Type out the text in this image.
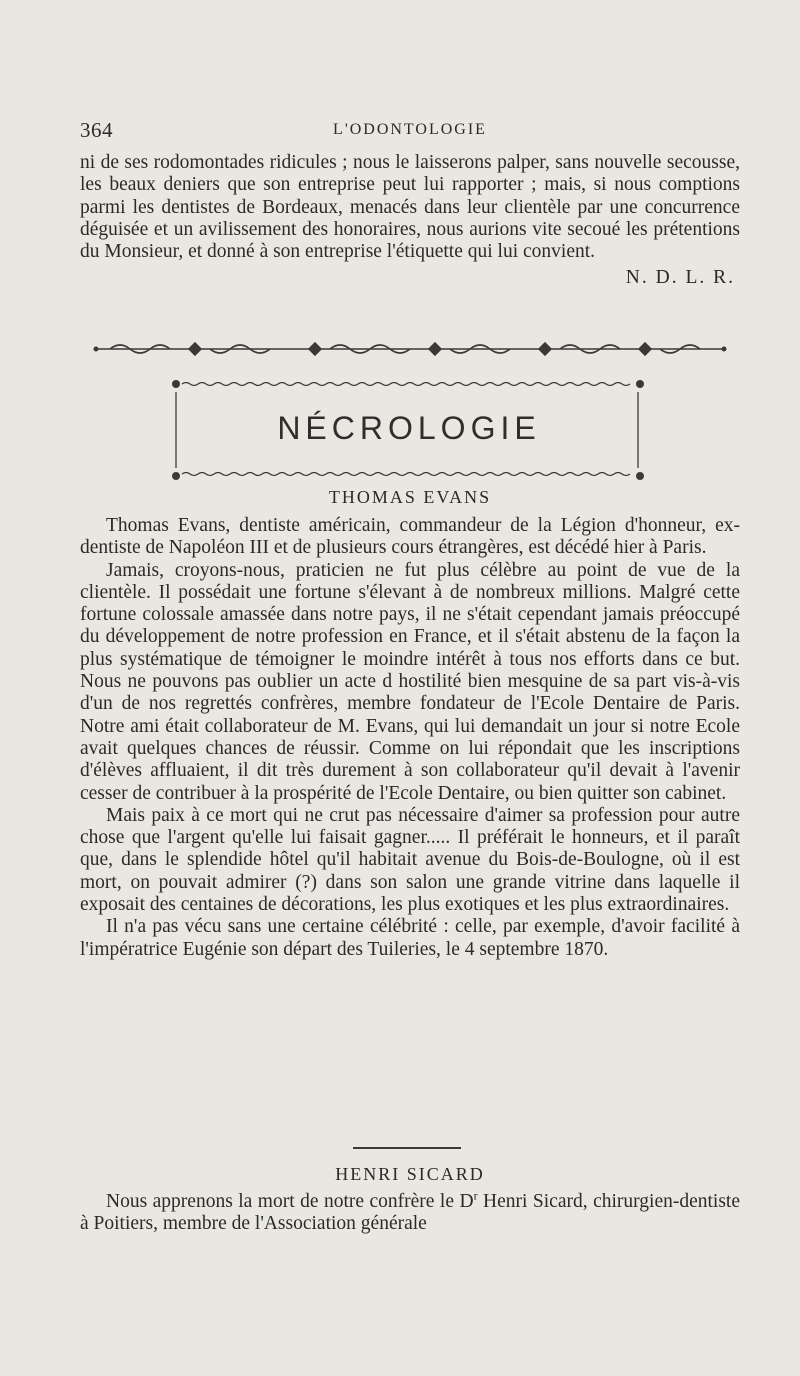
364	L'ODONTOLOGIE

ni de ses rodomontades ridicules ; nous le laisserons palper, sans nouvelle secousse, les beaux deniers que son entreprise peut lui rapporter ; mais, si nous comptions parmi les dentistes de Bordeaux, menacés dans leur clientèle par une concurrence déguisée et un avilissement des honoraires, nous aurions vite secoué les prétentions du Monsieur, et donné à son entreprise l'étiquette qui lui convient.

N. D. L. R.

NÉCROLOGIE
THOMAS EVANS

Thomas Evans, dentiste américain, commandeur de la Légion d'honneur, ex-dentiste de Napoléon III et de plusieurs cours étrangères, est décédé hier à Paris.

Jamais, croyons-nous, praticien ne fut plus célèbre au point de vue de la clientèle. Il possédait une fortune s'élevant à de nombreux millions. Malgré cette fortune colossale amassée dans notre pays, il ne s'était cependant jamais préoccupé du développement de notre profession en France, et il s'était abstenu de la façon la plus systématique de témoigner le moindre intérêt à tous nos efforts dans ce but. Nous ne pouvons pas oublier un acte d hostilité bien mesquine de sa part vis-à-vis d'un de nos regrettés confrères, membre fondateur de l'Ecole Dentaire de Paris. Notre ami était collaborateur de M. Evans, qui lui demandait un jour si notre Ecole avait quelques chances de réussir. Comme on lui répondait que les inscriptions d'élèves affluaient, il dit très durement à son collaborateur qu'il devait à l'avenir cesser de contribuer à la prospérité de l'Ecole Dentaire, ou bien quitter son cabinet.

Mais paix à ce mort qui ne crut pas nécessaire d'aimer sa profession pour autre chose que l'argent qu'elle lui faisait gagner..... Il préférait le honneurs, et il paraît que, dans le splendide hôtel qu'il habitait avenue du Bois-de-Boulogne, où il est mort, on pouvait admirer (?) dans son salon une grande vitrine dans laquelle il exposait des centaines de décorations, les plus exotiques et les plus extraordinaires.

Il n'a pas vécu sans une certaine célébrité : celle, par exemple, d'avoir facilité à l'impératrice Eugénie son départ des Tuileries, le 4 septembre 1870.

HENRI SICARD

Nous apprenons la mort de notre confrère le $D^r$ Henri Sicard, chirurgien-dentiste à Poitiers, membre de l'Association générale
